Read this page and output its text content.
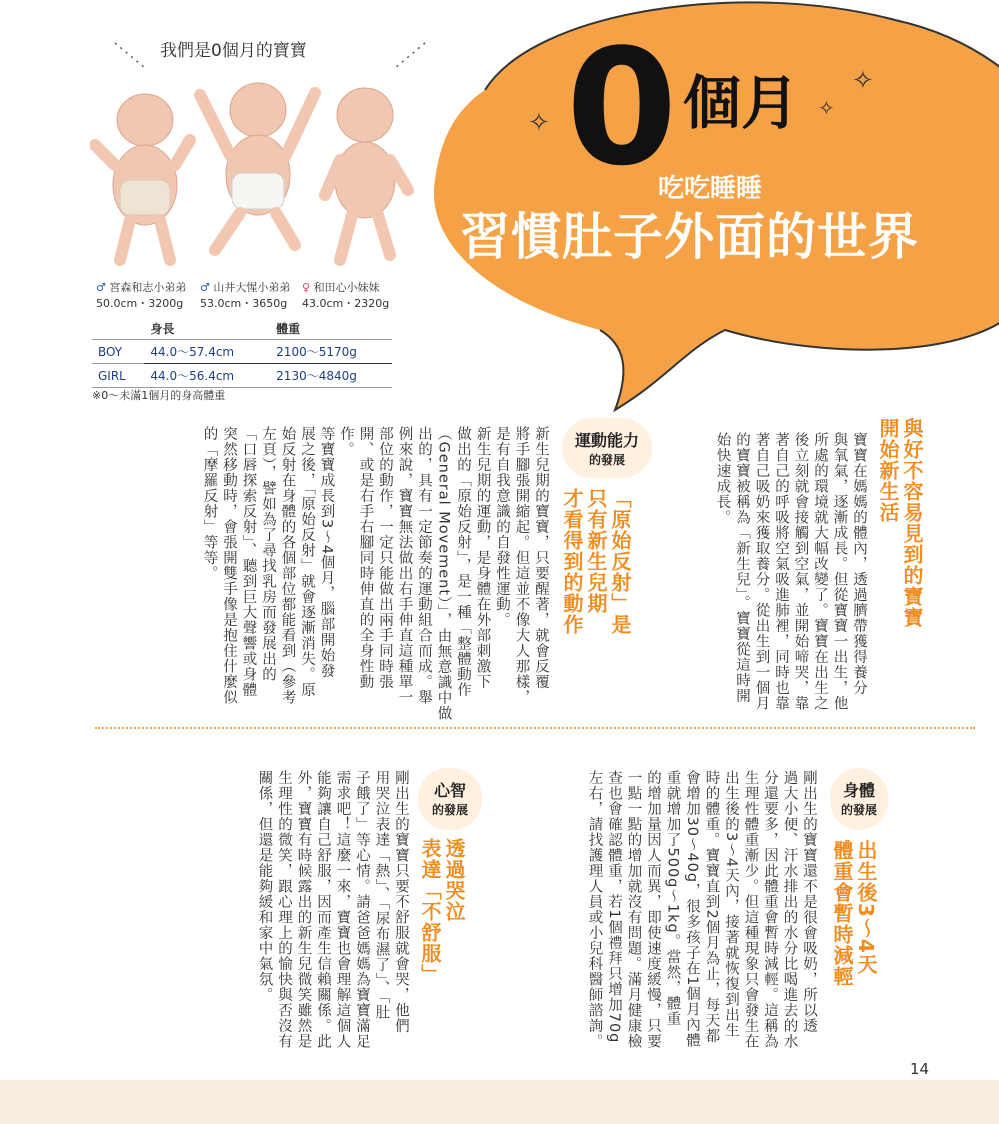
我們是0個月的寶寶
♂ 宮森和志小弟弟
50.0cm・3200g
♂ 山井大惺小弟弟
53.0cm・3650g
♀ 和田心小妹妹
43.0cm・2320g
	身長	體重
BOY	44.0〜57.4cm	2100〜5170g
GIRL	44.0〜56.4cm	2130〜4840g
※0〜未滿1個月的身高體重
0 個月
✧
✧
✧
吃吃睡睡
習慣肚子外面的世界
與好不容易見到的寶寶
開始新生活
寶寶在媽媽的體內，透過臍帶獲得養分
與氧氣，逐漸成長。但從寶寶一出生，他
所處的環境就大幅改變了。寶寶在出生之
後立刻就會接觸到空氣，並開始啼哭，靠
著自己的呼吸將空氣吸進肺裡，同時也靠
著自己吸奶來獲取養分。從出生到一個月
的寶寶被稱為「新生兒」。寶寶從這時開
始快速成長。
運動能力
的發展
「原始反射」是
只有新生兒期
才看得到的動作
新生兒期的寶寶，只要醒著，就會反覆
將手腳張開縮起。但這並不像大人那樣，
是有自我意識的自發性運動。
新生兒期的運動，是身體在外部刺激下
做出的「原始反射」，是一種「整體動作
（General Movement）」，由無意識中做
出的，具有一定節奏的運動組合而成。舉
例來說，寶寶無法做出右手伸直這種單一
部位的動作，一定只能做出兩手同時張
開、或是右手右腳同時伸直的全身性動
作。
等寶寶成長到3〜4個月，腦部開始發
展之後，「原始反射」就會逐漸消失。原
始反射在身體的各個部位都能看到（參考
左頁），譬如為了尋找乳房而發展出的
「口唇探索反射」、聽到巨大聲響或身體
突然移動時，會張開雙手像是抱住什麼似
的「摩羅反射」等等。
身體
的發展
出生後3〜4天
體重會暫時減輕
剛出生的寶寶還不是很會吸奶，所以透
過大小便、汗水排出的水分比喝進去的水
分還要多，因此體重會暫時減輕。這稱為
生理性體重漸少。但這種現象只會發生在
出生後的3〜4天內，接著就恢復到出生
時的體重。寶寶直到2個月為止，每天都
會增加30〜40g，很多孩子在1個月內體
重就增加了500g〜1kg。當然，體重
的增加量因人而異，即使速度緩慢，只要
一點一點的增加就沒有問題。滿月健康檢
查也會確認體重，若1個禮拜只增加70g
左右，請找護理人員或小兒科醫師諮詢。
心智
的發展
透過哭泣
表達「不舒服」
剛出生的寶寶只要不舒服就會哭，他們
用哭泣表達「熱」、「尿布濕了」、「肚
子餓了」等心情。請爸爸媽媽為寶寶滿足
需求吧！這麼一來，寶寶也會理解這個人
能夠讓自己舒服，因而產生信賴關係。此
外，寶寶有時候露出的新生兒微笑雖然是
生理性的微笑，跟心理上的愉快與否沒有
關係，但還是能夠緩和家中氣氛。
14
